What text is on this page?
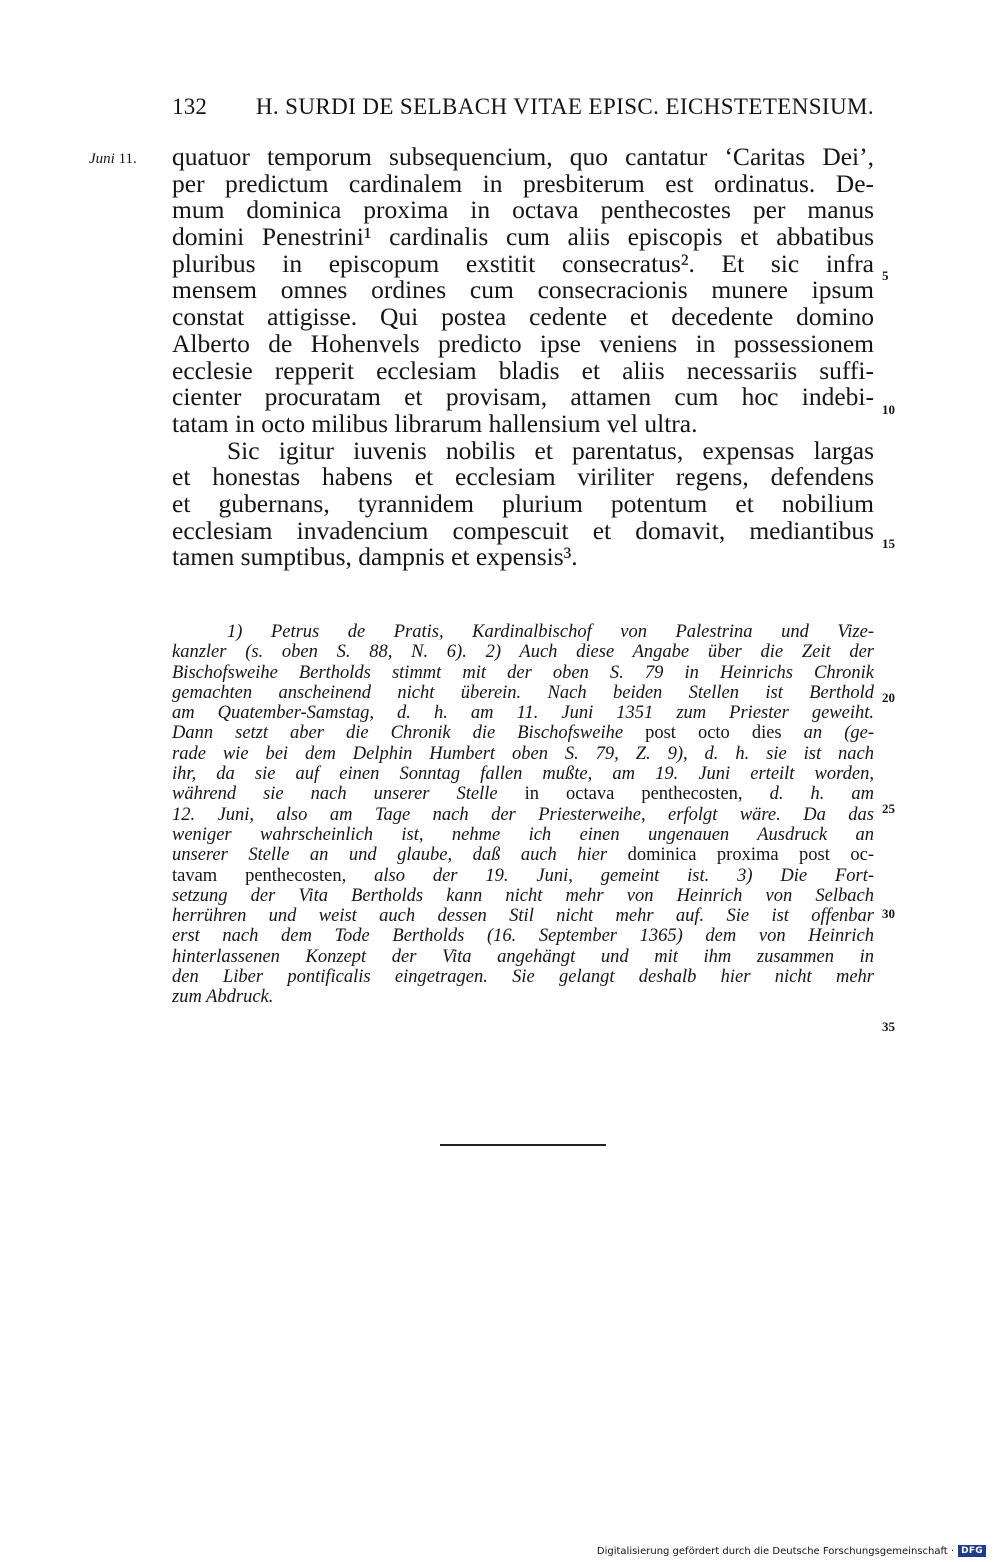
132 H. SURDI DE SELBACH VITAE EPISC. EICHSTETENSIUM.
Juni 11. quatuor temporum subsequencium, quo cantatur ‘Caritas Dei’,
per predictum cardinalem in presbiterum est ordinatus. De-
mum dominica proxima in octava penthecostes per manus
domini Penestrini¹ cardinalis cum aliis episcopis et abbatibus
pluribus in episcopum exstitit consecratus². Et sic infra
mensem omnes ordines cum consecracionis munere ipsum
constat attigisse. Qui postea cedente et decedente domino
Alberto de Hohenvels predicto ipse veniens in possessionem
ecclesie repperit ecclesiam bladis et aliis necessariis suffi-
cienter procuratam et provisam, attamen cum hoc indebi-
tatam in octo milibus librarum hallensium vel ultra.
Sic igitur iuvenis nobilis et parentatus, expensas largas
et honestas habens et ecclesiam viriliter regens, defendens
et gubernans, tyrannidem plurium potentum et nobilium
ecclesiam invadencium compescuit et domavit, mediantibus
tamen sumptibus, dampnis et expensis³.
5
10
15
1) Petrus de Pratis, Kardinalbischof von Palestrina und Vize-
kanzler (s. oben S. 88, N. 6). 2) Auch diese Angabe über die Zeit der
Bischofsweihe Bertholds stimmt mit der oben S. 79 in Heinrichs Chronik
gemachten anscheinend nicht überein. Nach beiden Stellen ist Berthold
am Quatember-Samstag, d. h. am 11. Juni 1351 zum Priester geweiht.
Dann setzt aber die Chronik die Bischofsweihe post octo dies an (ge-
rade wie bei dem Delphin Humbert oben S. 79, Z. 9), d. h. sie ist nach
ihr, da sie auf einen Sonntag fallen mußte, am 19. Juni erteilt worden,
während sie nach unserer Stelle in octava penthecosten, d. h. am
12. Juni, also am Tage nach der Priesterweihe, erfolgt wäre. Da das
weniger wahrscheinlich ist, nehme ich einen ungenauen Ausdruck an
unserer Stelle an und glaube, daß auch hier dominica proxima post oc-
tavam penthecosten, also der 19. Juni, gemeint ist. 3) Die Fort-
setzung der Vita Bertholds kann nicht mehr von Heinrich von Selbach
herrühren und weist auch dessen Stil nicht mehr auf. Sie ist offenbar
erst nach dem Tode Bertholds (16. September 1365) dem von Heinrich
hinterlassenen Konzept der Vita angehängt und mit ihm zusammen in
den Liber pontificalis eingetragen. Sie gelangt deshalb hier nicht mehr
zum Abdruck.
20
25
30
35
Digitalisierung gefördert durch die Deutsche Forschungsgemeinschaft · DFG
